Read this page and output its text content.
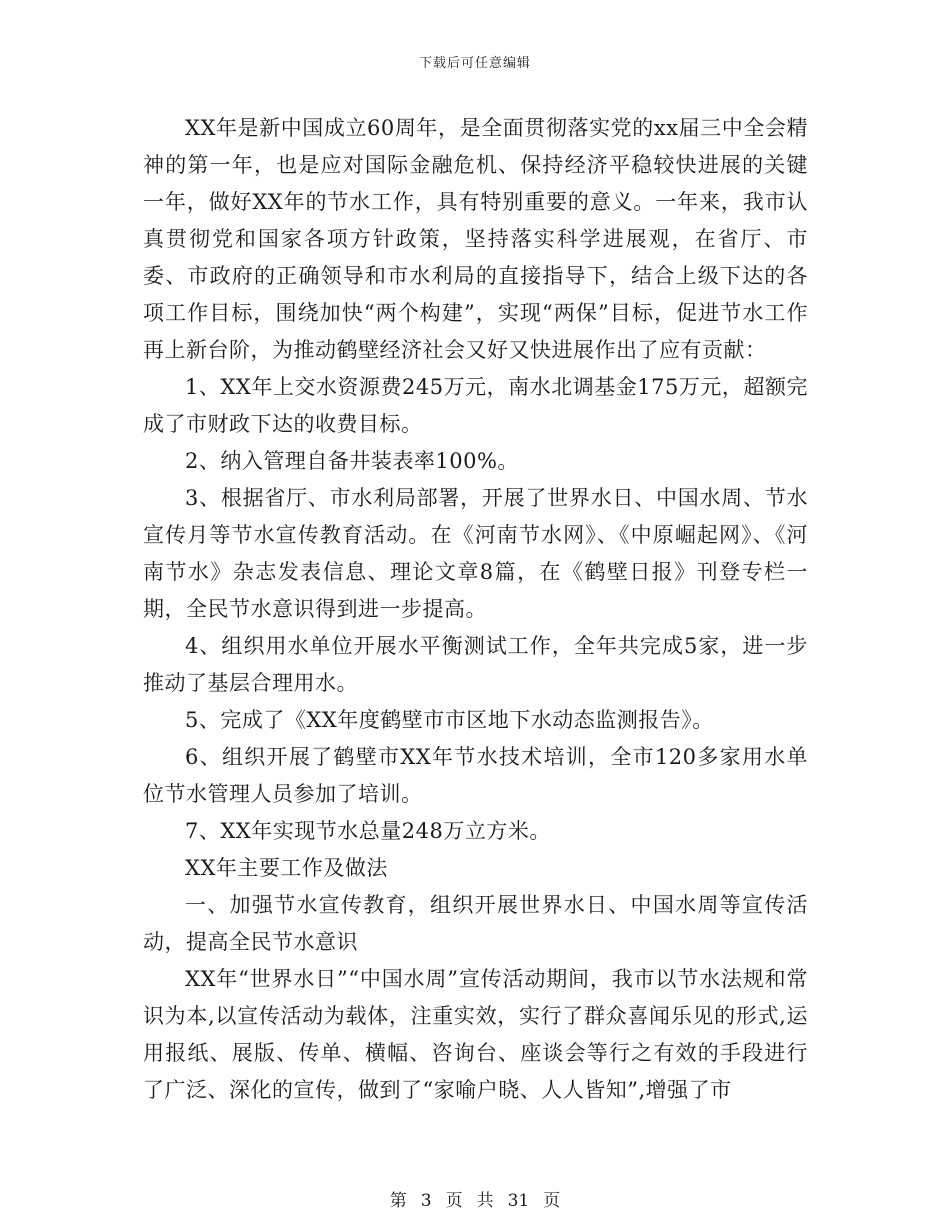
下载后可任意编辑

XX年是新中国成立60周年，是全面贯彻落实党的xx届三中全会精神的第一年，也是应对国际金融危机、保持经济平稳较快进展的关键一年，做好XX年的节水工作，具有特别重要的意义。一年来，我市认真贯彻党和国家各项方针政策，坚持落实科学进展观，在省厅、市委、市政府的正确领导和市水利局的直接指导下，结合上级下达的各项工作目标，围绕加快“两个构建”，实现“两保”目标，促进节水工作再上新台阶，为推动鹤壁经济社会又好又快进展作出了应有贡献：

1、XX年上交水资源费245万元，南水北调基金175万元，超额完成了市财政下达的收费目标。

2、纳入管理自备井装表率100%。

3、根据省厅、市水利局部署，开展了世界水日、中国水周、节水宣传月等节水宣传教育活动。在《河南节水网》、《中原崛起网》、《河南节水》杂志发表信息、理论文章8篇，在《鹤壁日报》刊登专栏一期，全民节水意识得到进一步提高。

4、组织用水单位开展水平衡测试工作，全年共完成5家，进一步推动了基层合理用水。

5、完成了《XX年度鹤壁市市区地下水动态监测报告》。

6、组织开展了鹤壁市XX年节水技术培训，全市120多家用水单位节水管理人员参加了培训。

7、XX年实现节水总量248万立方米。

XX年主要工作及做法

一、加强节水宣传教育，组织开展世界水日、中国水周等宣传活动，提高全民节水意识

XX年“世界水日”“中国水周”宣传活动期间，我市以节水法规和常识为本,以宣传活动为载体，注重实效，实行了群众喜闻乐见的形式,运用报纸、展版、传单、横幅、咨询台、座谈会等行之有效的手段进行了广泛、深化的宣传，做到了“家喻户晓、人人皆知”,增强了市

第 3 页 共 31 页
